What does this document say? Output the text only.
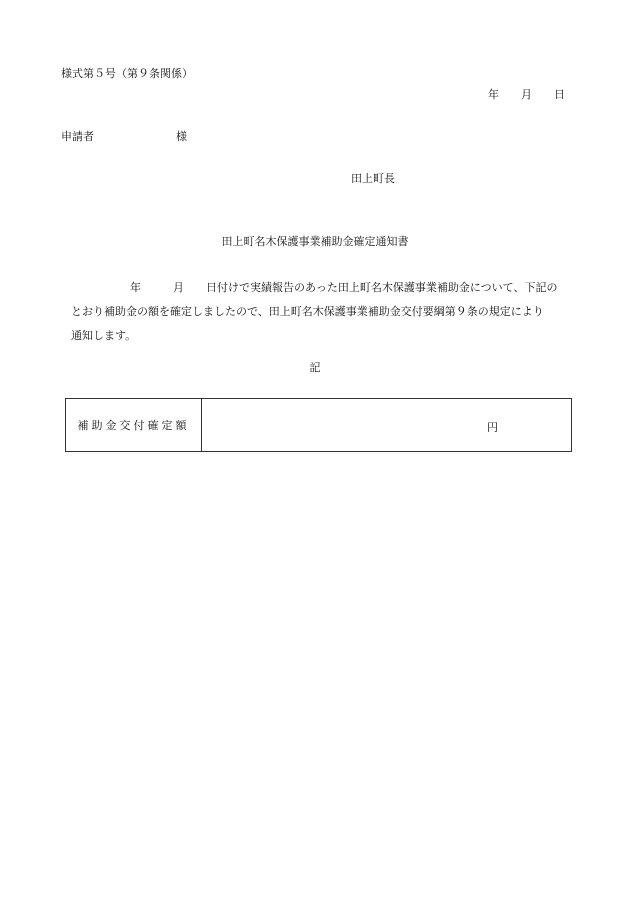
様式第５号（第９条関係）
年 月 日
申請者	様
田上町長
田上町名木保護事業補助金確定通知書
年	月 日付けで実績報告のあった田上町名木保護事業補助金について、下記の
とおり補助金の額を確定しましたので、田上町名木保護事業補助金交付要綱第９条の規定により
通知します。
記
補助金交付確定額	円
